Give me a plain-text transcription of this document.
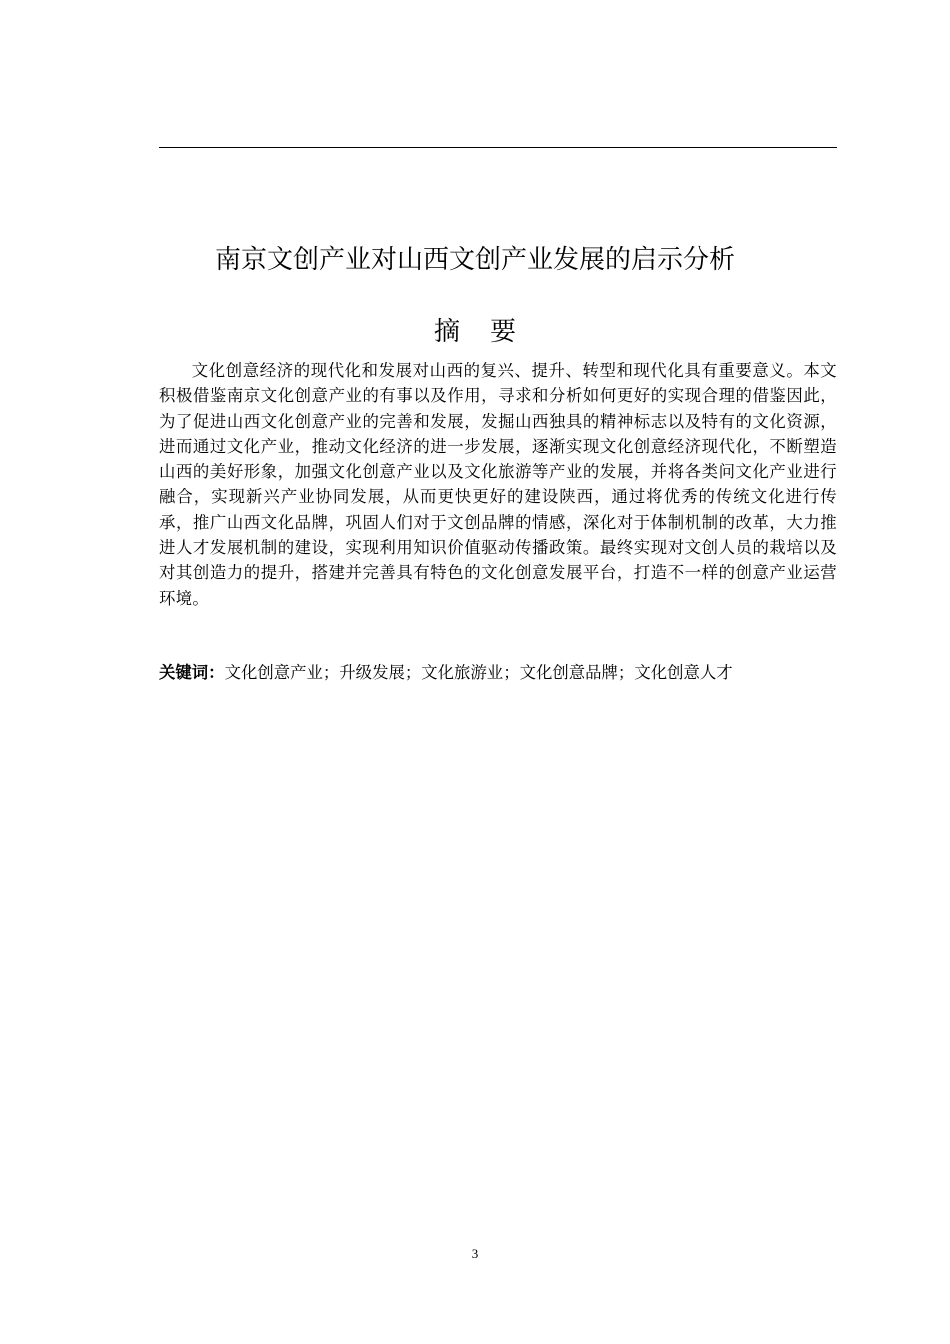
南京文创产业对山西文创产业发展的启示分析
摘要

文化创意经济的现代化和发展对山西的复兴、提升、转型和现代化具有重要意义。本文积极借鉴南京文化创意产业的有事以及作用，寻求和分析如何更好的实现合理的借鉴因此，为了促进山西文化创意产业的完善和发展，发掘山西独具的精神标志以及特有的文化资源，进而通过文化产业，推动文化经济的进一步发展，逐渐实现文化创意经济现代化，不断塑造山西的美好形象，加强文化创意产业以及文化旅游等产业的发展，并将各类问文化产业进行融合，实现新兴产业协同发展，从而更快更好的建设陕西，通过将优秀的传统文化进行传承，推广山西文化品牌，巩固人们对于文创品牌的情感，深化对于体制机制的改革，大力推进人才发展机制的建设，实现利用知识价值驱动传播政策。最终实现对文创人员的栽培以及对其创造力的提升，搭建并完善具有特色的文化创意发展平台，打造不一样的创意产业运营环境。

关键词：文化创意产业；升级发展；文化旅游业；文化创意品牌；文化创意人才

3
